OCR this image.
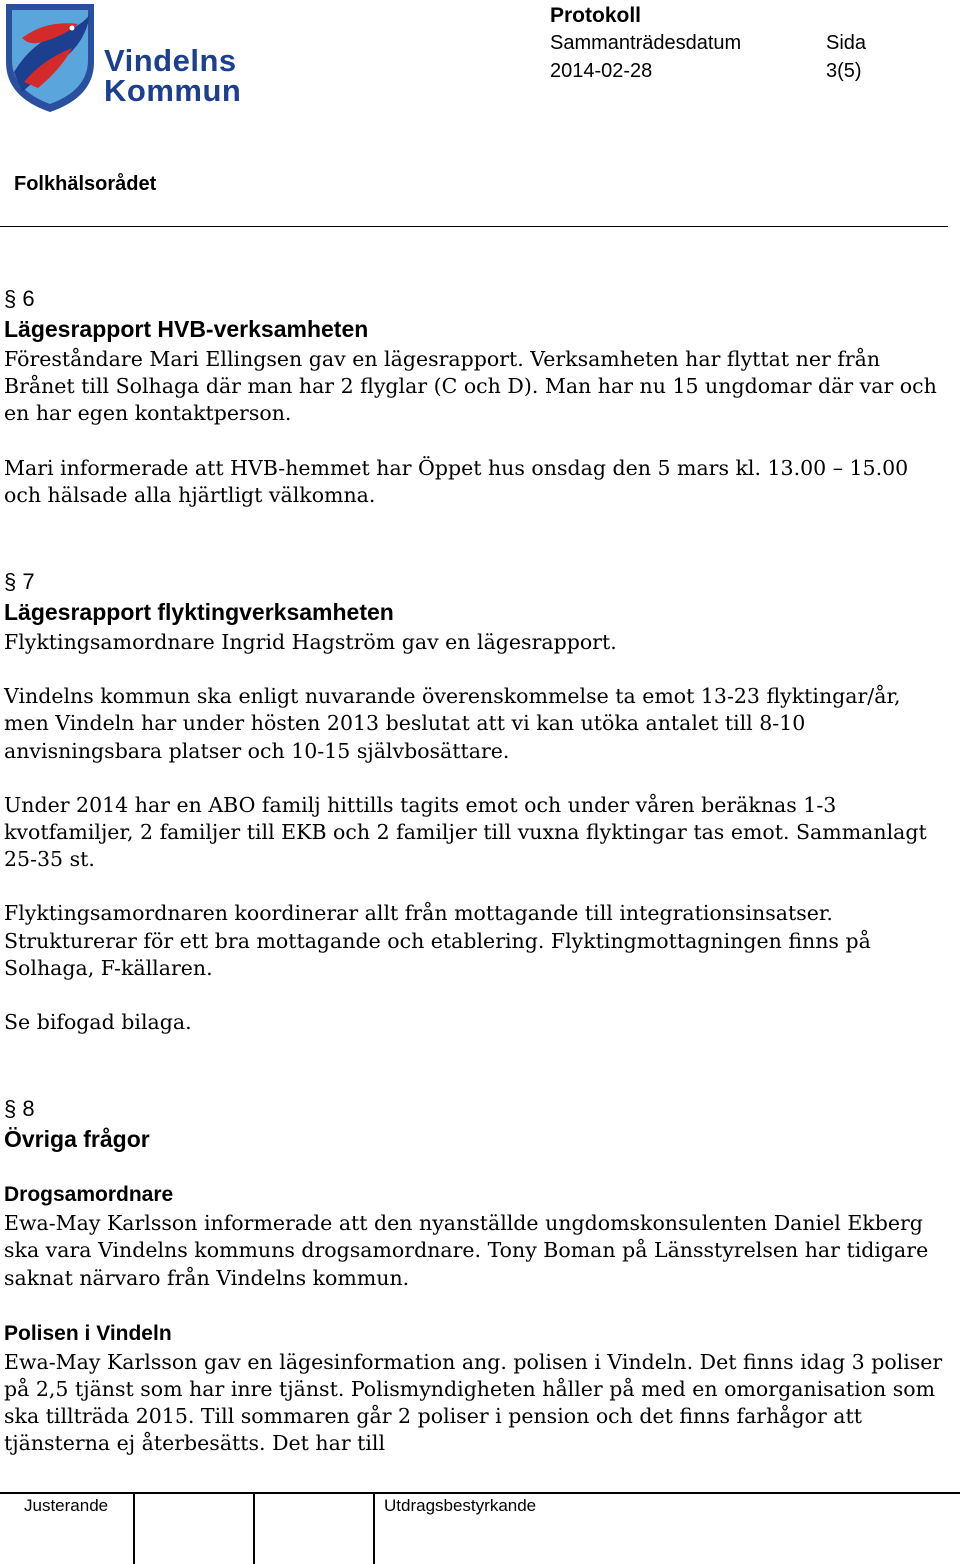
Vindelns
Kommun
Protokoll
Sammanträdesdatum	Sida
2014-02-28	3(5)
Folkhälsorådet

§ 6

Lägesrapport HVB-verksamheten

Föreståndare Mari Ellingsen gav en lägesrapport. Verksamheten har flyttat ner från Brånet till Solhaga där man har 2 flyglar (C och D). Man har nu 15 ungdomar där var och en har egen kontaktperson.

Mari informerade att HVB-hemmet har Öppet hus onsdag den 5 mars kl. 13.00 – 15.00 och hälsade alla hjärtligt välkomna.

§ 7

Lägesrapport flyktingverksamheten

Flyktingsamordnare Ingrid Hagström gav en lägesrapport.

Vindelns kommun ska enligt nuvarande överenskommelse ta emot 13-23 flyktingar/år, men Vindeln har under hösten 2013 beslutat att vi kan utöka antalet till 8-10 anvisningsbara platser och 10-15 självbosättare.

Under 2014 har en ABO familj hittills tagits emot och under våren beräknas 1-3 kvotfamiljer, 2 familjer till EKB och 2 familjer till vuxna flyktingar tas emot. Sammanlagt 25-35 st.

Flyktingsamordnaren koordinerar allt från mottagande till integrationsinsatser. Strukturerar för ett bra mottagande och etablering. Flyktingmottagningen finns på Solhaga, F-källaren.

Se bifogad bilaga.

§ 8

Övriga frågor

Drogsamordnare

Ewa-May Karlsson informerade att den nyanställde ungdomskonsulenten Daniel Ekberg ska vara Vindelns kommuns drogsamordnare. Tony Boman på Länsstyrelsen har tidigare saknat närvaro från Vindelns kommun.

Polisen i Vindeln

Ewa-May Karlsson gav en lägesinformation ang. polisen i Vindeln. Det finns idag 3 poliser på 2,5 tjänst som har inre tjänst. Polismyndigheten håller på med en omorganisation som ska tillträda 2015. Till sommaren går 2 poliser i pension och det finns farhågor att tjänsterna ej återbesätts. Det har till

Justerande	Utdragsbestyrkande
